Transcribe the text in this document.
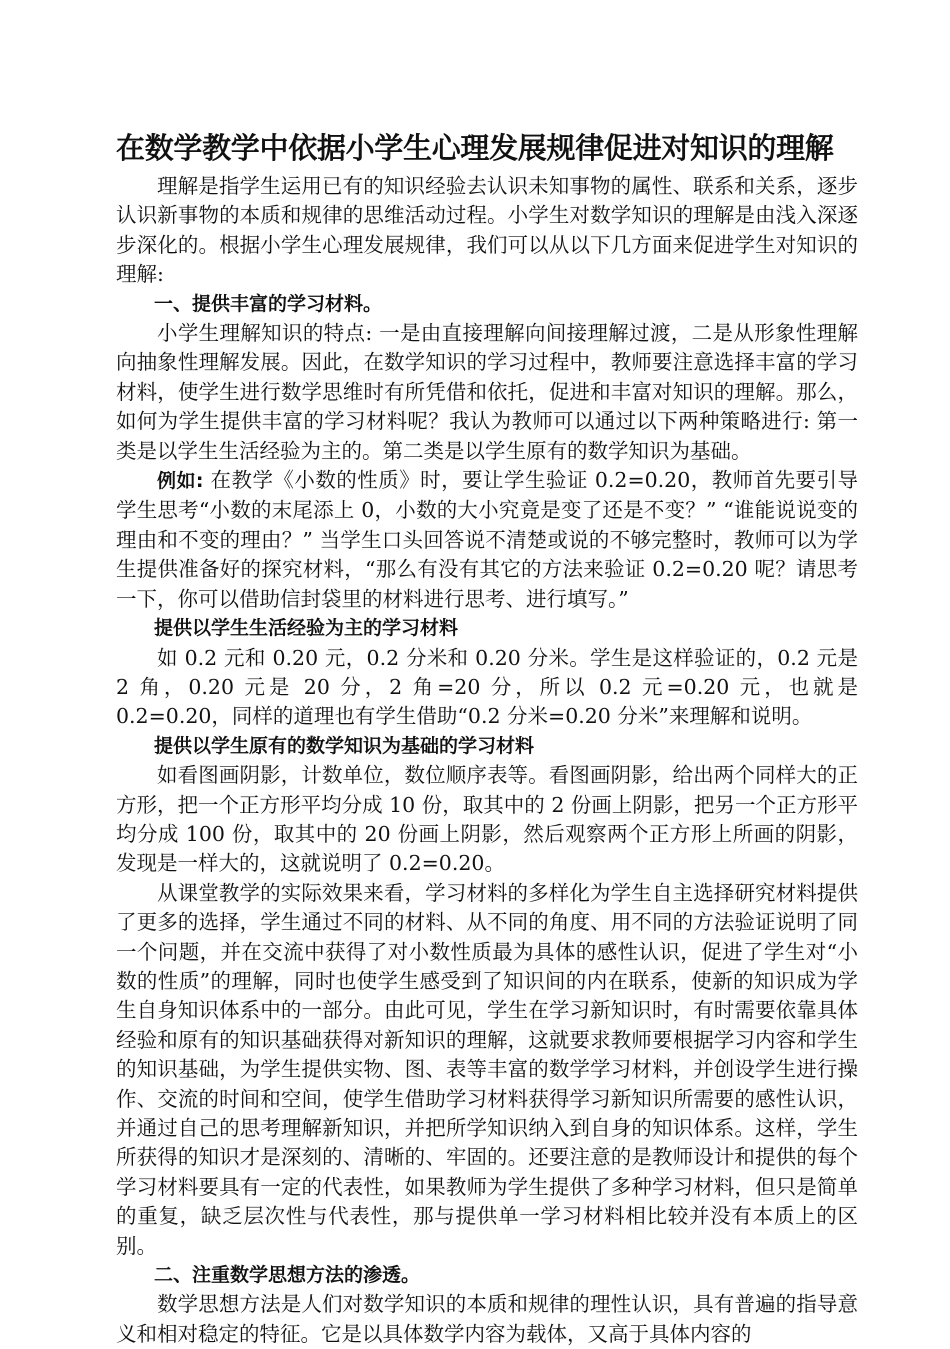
在数学教学中依据小学生心理发展规律促进对知识的理解

理解是指学生运用已有的知识经验去认识未知事物的属性、联系和关系，逐步认识新事物的本质和规律的思维活动过程。小学生对数学知识的理解是由浅入深逐步深化的。根据小学生心理发展规律，我们可以从以下几方面来促进学生对知识的理解:

一、提供丰富的学习材料。

小学生理解知识的特点: 一是由直接理解向间接理解过渡，二是从形象性理解向抽象性理解发展。因此，在数学知识的学习过程中，教师要注意选择丰富的学习材料，使学生进行数学思维时有所凭借和依托，促进和丰富对知识的理解。那么，如何为学生提供丰富的学习材料呢？我认为教师可以通过以下两种策略进行: 第一类是以学生生活经验为主的。第二类是以学生原有的数学知识为基础。

例如: 在教学《小数的性质》时，要让学生验证 0.2=0.20，教师首先要引导学生思考“小数的末尾添上 0，小数的大小究竟是变了还是不变？” “谁能说说变的理由和不变的理由？” 当学生口头回答说不清楚或说的不够完整时，教师可以为学生提供准备好的探究材料，“那么有没有其它的方法来验证 0.2=0.20 呢？请思考一下，你可以借助信封袋里的材料进行思考、进行填写。”

提供以学生生活经验为主的学习材料

如 0.2 元和 0.20 元，0.2 分米和 0.20 分米。学生是这样验证的，0.2 元是 2 角，0.20 元是 20 分，2 角=20 分，所以 0.2 元=0.20 元，也就是 0.2=0.20，同样的道理也有学生借助“0.2 分米=0.20 分米”来理解和说明。

提供以学生原有的数学知识为基础的学习材料

如看图画阴影，计数单位，数位顺序表等。看图画阴影，给出两个同样大的正方形，把一个正方形平均分成 10 份，取其中的 2 份画上阴影，把另一个正方形平均分成 100 份，取其中的 20 份画上阴影，然后观察两个正方形上所画的阴影，发现是一样大的，这就说明了 0.2=0.20。

从课堂教学的实际效果来看，学习材料的多样化为学生自主选择研究材料提供了更多的选择，学生通过不同的材料、从不同的角度、用不同的方法验证说明了同一个问题，并在交流中获得了对小数性质最为具体的感性认识，促进了学生对“小数的性质”的理解，同时也使学生感受到了知识间的内在联系，使新的知识成为学生自身知识体系中的一部分。由此可见，学生在学习新知识时，有时需要依靠具体经验和原有的知识基础获得对新知识的理解，这就要求教师要根据学习内容和学生的知识基础，为学生提供实物、图、表等丰富的数学学习材料，并创设学生进行操作、交流的时间和空间，使学生借助学习材料获得学习新知识所需要的感性认识，并通过自己的思考理解新知识，并把所学知识纳入到自身的知识体系。这样，学生所获得的知识才是深刻的、清晰的、牢固的。还要注意的是教师设计和提供的每个学习材料要具有一定的代表性，如果教师为学生提供了多种学习材料，但只是简单的重复，缺乏层次性与代表性，那与提供单一学习材料相比较并没有本质上的区别。

二、注重数学思想方法的渗透。

数学思想方法是人们对数学知识的本质和规律的理性认识，具有普遍的指导意义和相对稳定的特征。它是以具体数学内容为载体，又高于具体内容的
